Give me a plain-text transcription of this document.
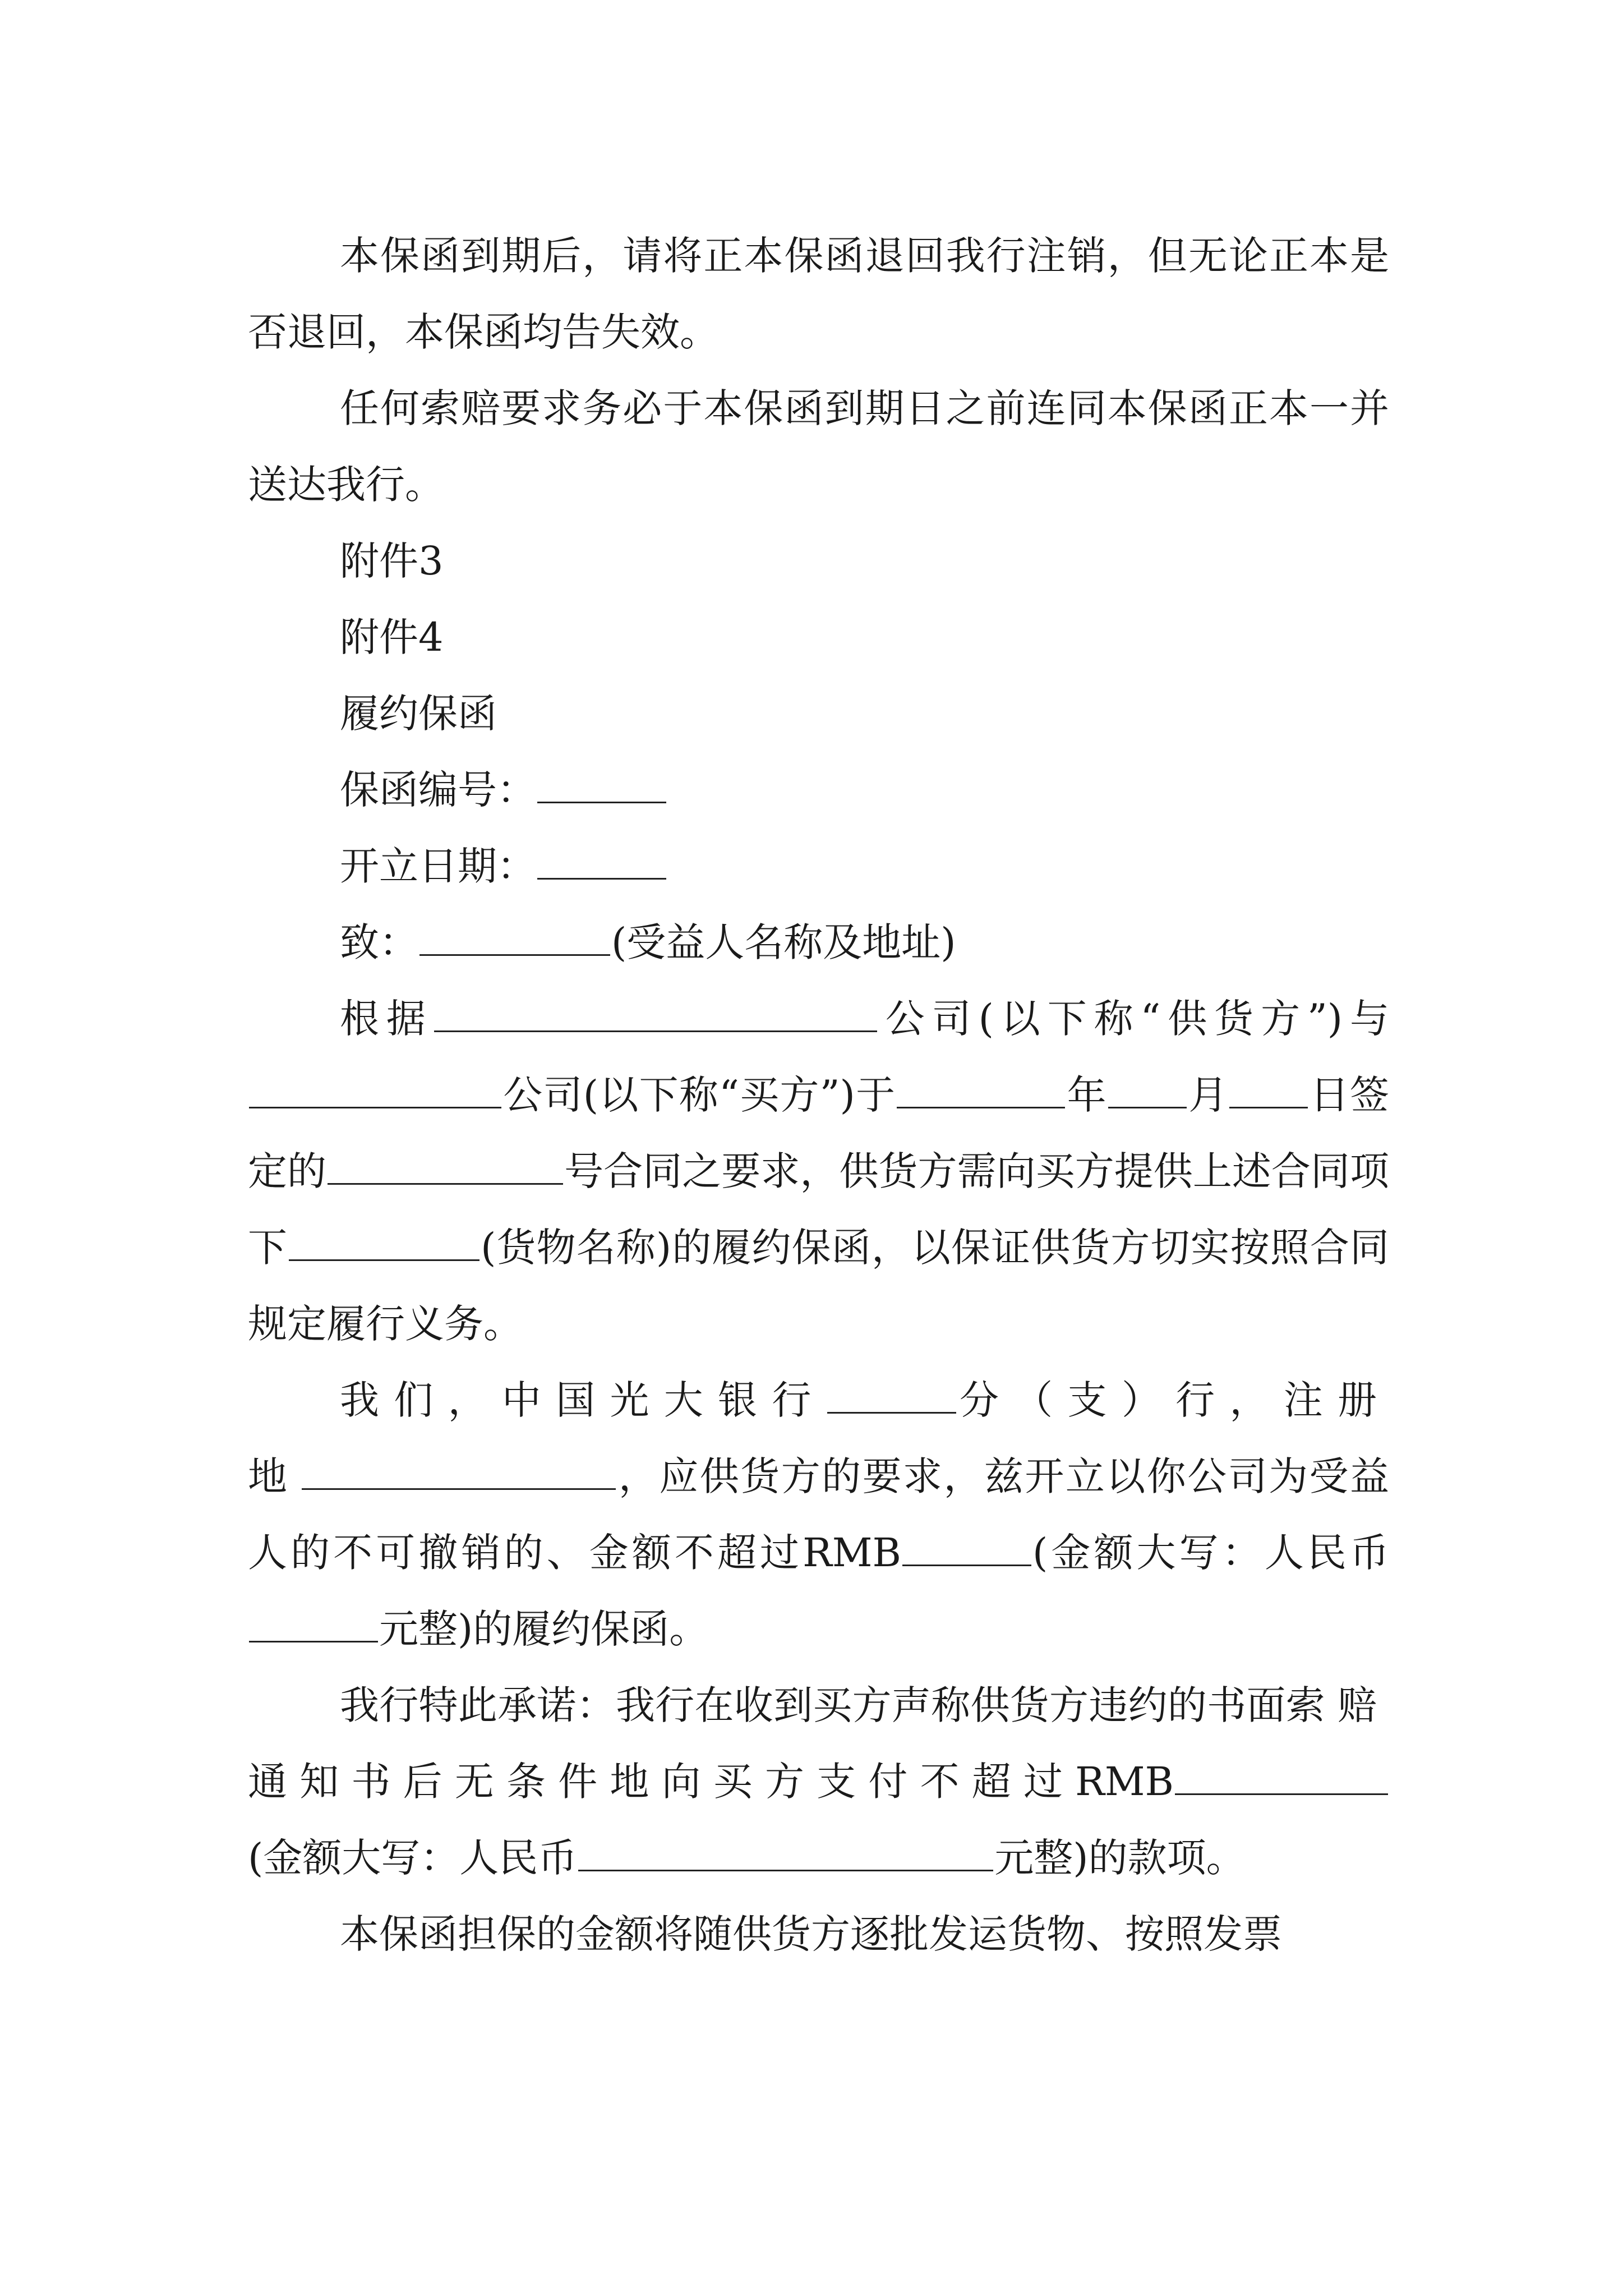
本保函到期后，请将正本保函退回我行注销，但无论正本是否退回，本保函均告失效。

任何索赔要求务必于本保函到期日之前连同本保函正本一并送达我行。

附件3

附件4

履约保函

保函编号：

开立日期：

致：	(受益人名称及地址)

根据	公司(以下称“供货方”)与公司(以下称“买方”)于	年 月 日签定的	号合同之要求，供货方需向买方提供上述合同项下	(货物名称)的履约保函，以保证供货方切实按照合同规定履行义务。

我们，中国光大银行	分（支）行，注册地	，应供货方的要求，兹开立以你公司为受益人的不可撤销的、金额不超过RMB	(金额大写：人民币元整)的履约保函。

我行特此承诺：我行在收到买方声称供货方违约的书面索赔通知书后无条件地向买方支付不超过RMB(金额大写：人民币	元整)的款项。

本保函担保的金额将随供货方逐批发运货物、按照发票
